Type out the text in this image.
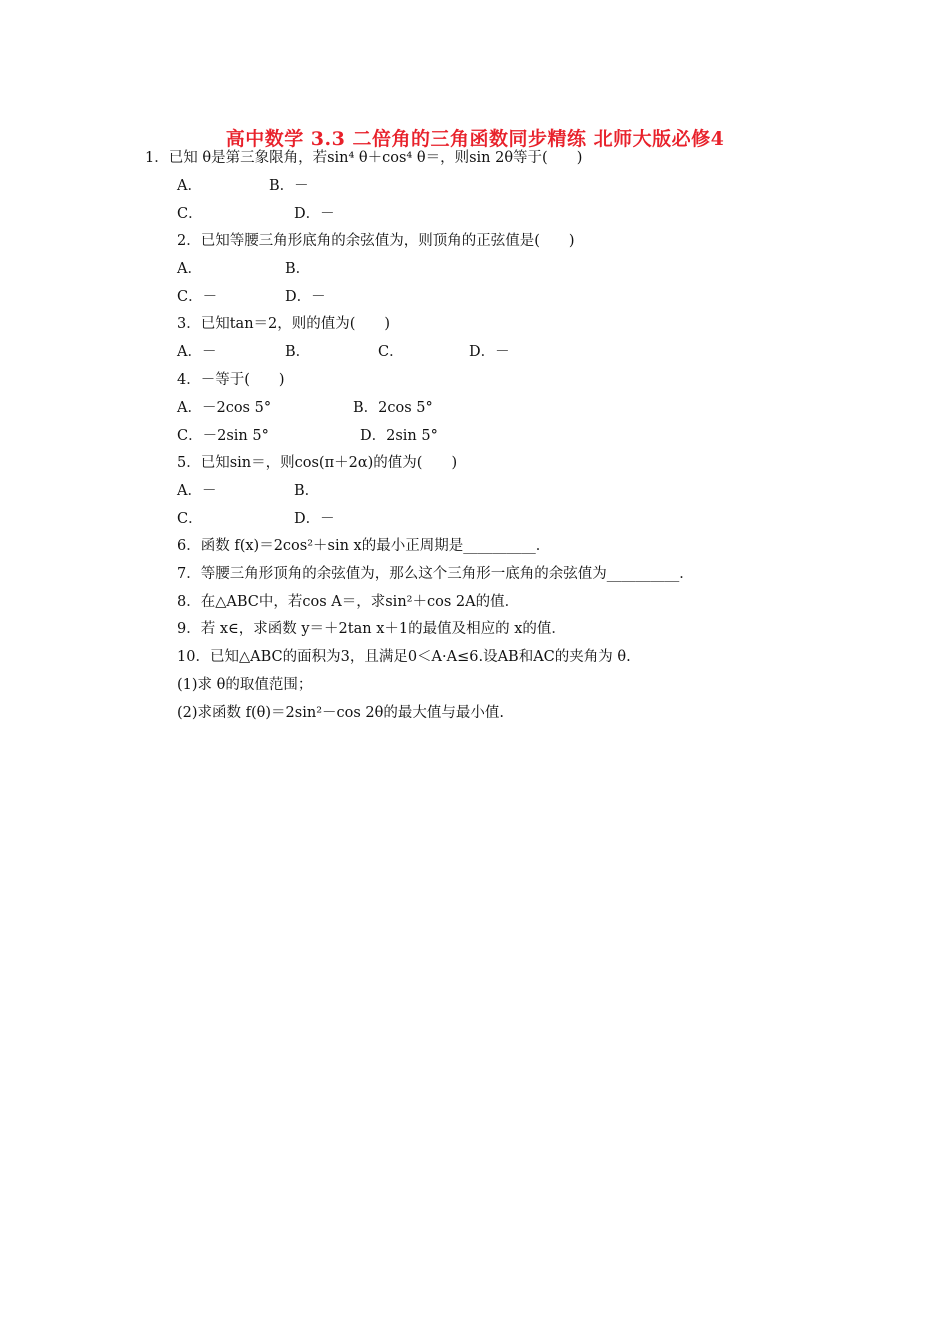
高中数学 3.3 二倍角的三角函数同步精练 北师大版必修4
1．已知 θ是第三象限角，若sin⁴ θ＋cos⁴ θ＝，则sin 2θ等于(　　)
A．	B．－
C．	D．－
2．已知等腰三角形底角的余弦值为，则顶角的正弦值是(　　)
A．	B．
C．－	D．－
3．已知tan＝2，则的值为(　　)
A．－	B．	C．	D．－
4．－等于(　　)
A．－2cos 5°	B．2cos 5°
C．－2sin 5°	D．2sin 5°
5．已知sin＝，则cos(π＋2α)的值为(　　)
A．－	B．
C．	D．－
6．函数 f(x)＝2cos²＋sin x的最小正周期是__________．
7．等腰三角形顶角的余弦值为，那么这个三角形一底角的余弦值为__________．
8．在△ABC中，若cos A＝，求sin²＋cos 2A的值．
9．若 x∈，求函数 y＝＋2tan x＋1的最值及相应的 x的值．
10．已知△ABC的面积为3，且满足0＜A·A≤6.设AB和AC的夹角为 θ.
(1)求 θ的取值范围；
(2)求函数 f(θ)＝2sin²－cos 2θ的最大值与最小值.
